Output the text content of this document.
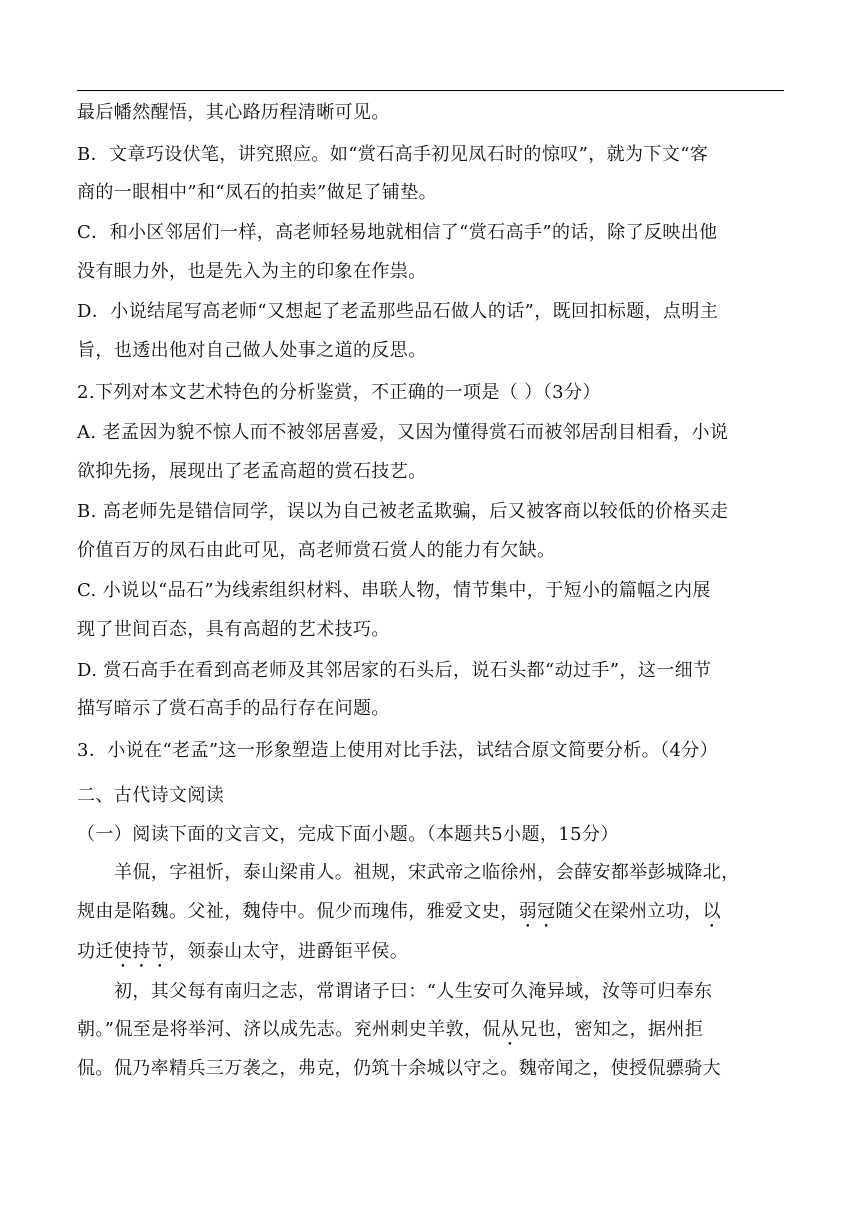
最后幡然醒悟，其心路历程清晰可见。
B．文章巧设伏笔，讲究照应。如“赏石高手初见凤石时的惊叹”，就为下文“客
商的一眼相中”和“凤石的拍卖”做足了铺垫。
C．和小区邻居们一样，高老师轻易地就相信了“赏石高手”的话，除了反映出他
没有眼力外，也是先入为主的印象在作祟。
D．小说结尾写高老师“又想起了老孟那些品石做人的话”，既回扣标题，点明主
旨，也透出他对自己做人处事之道的反思。
2.下列对本文艺术特色的分析鉴赏，不正确的一项是（ ）（3分）
A. 老孟因为貌不惊人而不被邻居喜爱，又因为懂得赏石而被邻居刮目相看，小说
欲抑先扬，展现出了老孟高超的赏石技艺。
B. 高老师先是错信同学，误以为自己被老孟欺骗，后又被客商以较低的价格买走
价值百万的凤石由此可见，高老师赏石赏人的能力有欠缺。
C. 小说以“品石”为线索组织材料、串联人物，情节集中，于短小的篇幅之内展
现了世间百态，具有高超的艺术技巧。
D. 赏石高手在看到高老师及其邻居家的石头后，说石头都“动过手”，这一细节
描写暗示了赏石高手的品行存在问题。
3．小说在“老孟”这一形象塑造上使用对比手法，试结合原文简要分析。（4分）
二、古代诗文阅读
（一）阅读下面的文言文，完成下面小题。（本题共5小题，15分）
羊侃，字祖忻，泰山梁甫人。祖规，宋武帝之临徐州，会薛安都举彭城降北，
规由是陷魏。父祉，魏侍中。侃少而瑰伟，雅爱文史，弱冠随父在梁州立功，以
功迁使持节，领泰山太守，进爵钜平侯。
初，其父每有南归之志，常谓诸子曰：“人生安可久淹异域，汝等可归奉东
朝。”侃至是将举河、济以成先志。兖州刺史羊敦，侃从兄也，密知之，据州拒
侃。侃乃率精兵三万袭之，弗克，仍筑十余城以守之。魏帝闻之，使授侃骠骑大
